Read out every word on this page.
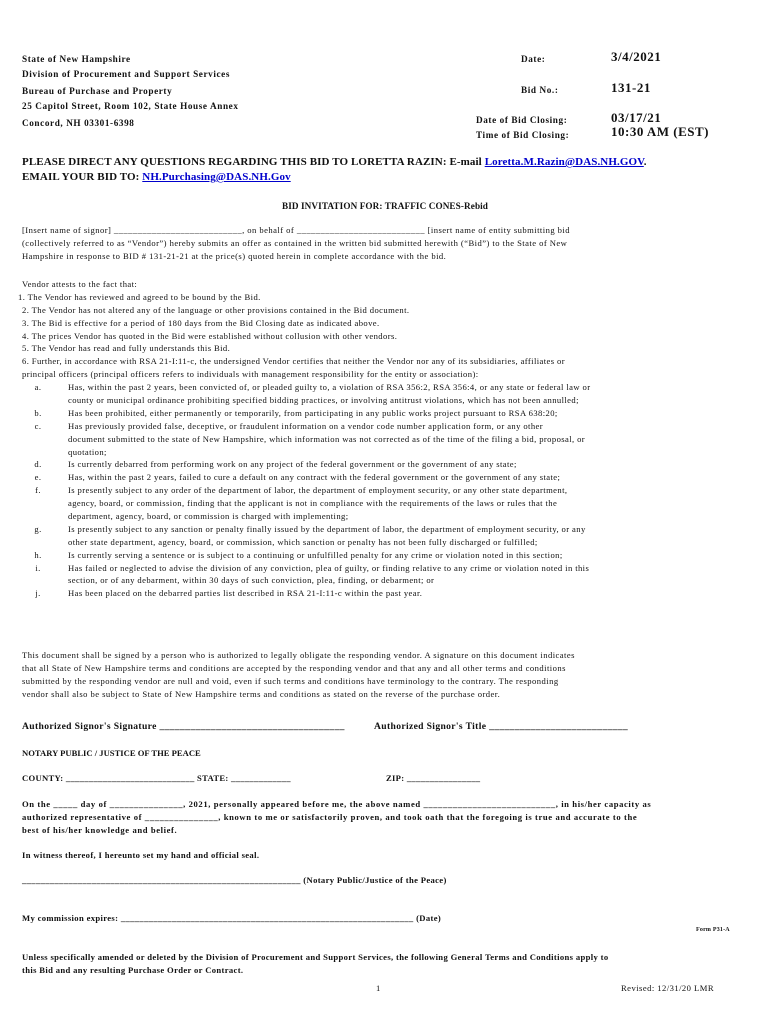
State of New Hampshire
Division of Procurement and Support Services
Bureau of Purchase and Property
25 Capitol Street, Room 102, State House Annex
Concord, NH 03301-6398
Date:	3/4/2021
Bid No.:	131-21
Date of Bid Closing:	03/17/21
Time of Bid Closing:	10:30 AM (EST)
PLEASE DIRECT ANY QUESTIONS REGARDING THIS BID TO LORETTA RAZIN: E-mail Loretta.M.Razin@DAS.NH.GOV.
EMAIL YOUR BID TO: NH.Purchasing@DAS.NH.Gov
BID INVITATION FOR: TRAFFIC CONES-Rebid
[Insert name of signor] ___________________________, on behalf of ___________________________ [insert name of entity submitting bid
(collectively referred to as “Vendor”) hereby submits an offer as contained in the written bid submitted herewith (“Bid”) to the State of New
Hampshire in response to BID # 131-21-21 at the price(s) quoted herein in complete accordance with the bid.
Vendor attests to the fact that:
1. The Vendor has reviewed and agreed to be bound by the Bid.
2. The Vendor has not altered any of the language or other provisions contained in the Bid document.
3. The Bid is effective for a period of 180 days from the Bid Closing date as indicated above.
4. The prices Vendor has quoted in the Bid were established without collusion with other vendors.
5. The Vendor has read and fully understands this Bid.
6. Further, in accordance with RSA 21-I:11-c, the undersigned Vendor certifies that neither the Vendor nor any of its subsidiaries, affiliates or
principal officers (principal officers refers to individuals with management responsibility for the entity or association):
a.	Has, within the past 2 years, been convicted of, or pleaded guilty to, a violation of RSA 356:2, RSA 356:4, or any state or federal law or
county or municipal ordinance prohibiting specified bidding practices, or involving antitrust violations, which has not been annulled;
b.	Has been prohibited, either permanently or temporarily, from participating in any public works project pursuant to RSA 638:20;
c.	Has previously provided false, deceptive, or fraudulent information on a vendor code number application form, or any other
document submitted to the state of New Hampshire, which information was not corrected as of the time of the filing a bid, proposal, or
quotation;
d.	Is currently debarred from performing work on any project of the federal government or the government of any state;
e.	Has, within the past 2 years, failed to cure a default on any contract with the federal government or the government of any state;
f.	Is presently subject to any order of the department of labor, the department of employment security, or any other state department,
agency, board, or commission, finding that the applicant is not in compliance with the requirements of the laws or rules that the
department, agency, board, or commission is charged with implementing;
g.	Is presently subject to any sanction or penalty finally issued by the department of labor, the department of employment security, or any
other state department, agency, board, or commission, which sanction or penalty has not been fully discharged or fulfilled;
h.	Is currently serving a sentence or is subject to a continuing or unfulfilled penalty for any crime or violation noted in this section;
i.	Has failed or neglected to advise the division of any conviction, plea of guilty, or finding relative to any crime or violation noted in this
section, or of any debarment, within 30 days of such conviction, plea, finding, or debarment; or
j.	Has been placed on the debarred parties list described in RSA 21-I:11-c within the past year.
This document shall be signed by a person who is authorized to legally obligate the responding vendor. A signature on this document indicates
that all State of New Hampshire terms and conditions are accepted by the responding vendor and that any and all other terms and conditions
submitted by the responding vendor are null and void, even if such terms and conditions have terminology to the contrary. The responding
vendor shall also be subject to State of New Hampshire terms and conditions as stated on the reverse of the purchase order.
Authorized Signor's Signature ____________________________________	Authorized Signor's Title ___________________________
NOTARY PUBLIC / JUSTICE OF THE PEACE
COUNTY: ____________________________ STATE: _____________	ZIP: ________________
On the _____ day of _______________, 2021, personally appeared before me, the above named ___________________________, in his/her capacity as
authorized representative of _______________, known to me or satisfactorily proven, and took oath that the foregoing is true and accurate to the
best of his/her knowledge and belief.
In witness thereof, I hereunto set my hand and official seal.
____________________________________________________________ (Notary Public/Justice of the Peace)
My commission expires: _______________________________________________________________ (Date)
Form P31-A
Unless specifically amended or deleted by the Division of Procurement and Support Services, the following General Terms and Conditions apply to
this Bid and any resulting Purchase Order or Contract.
1	Revised: 12/31/20 LMR
